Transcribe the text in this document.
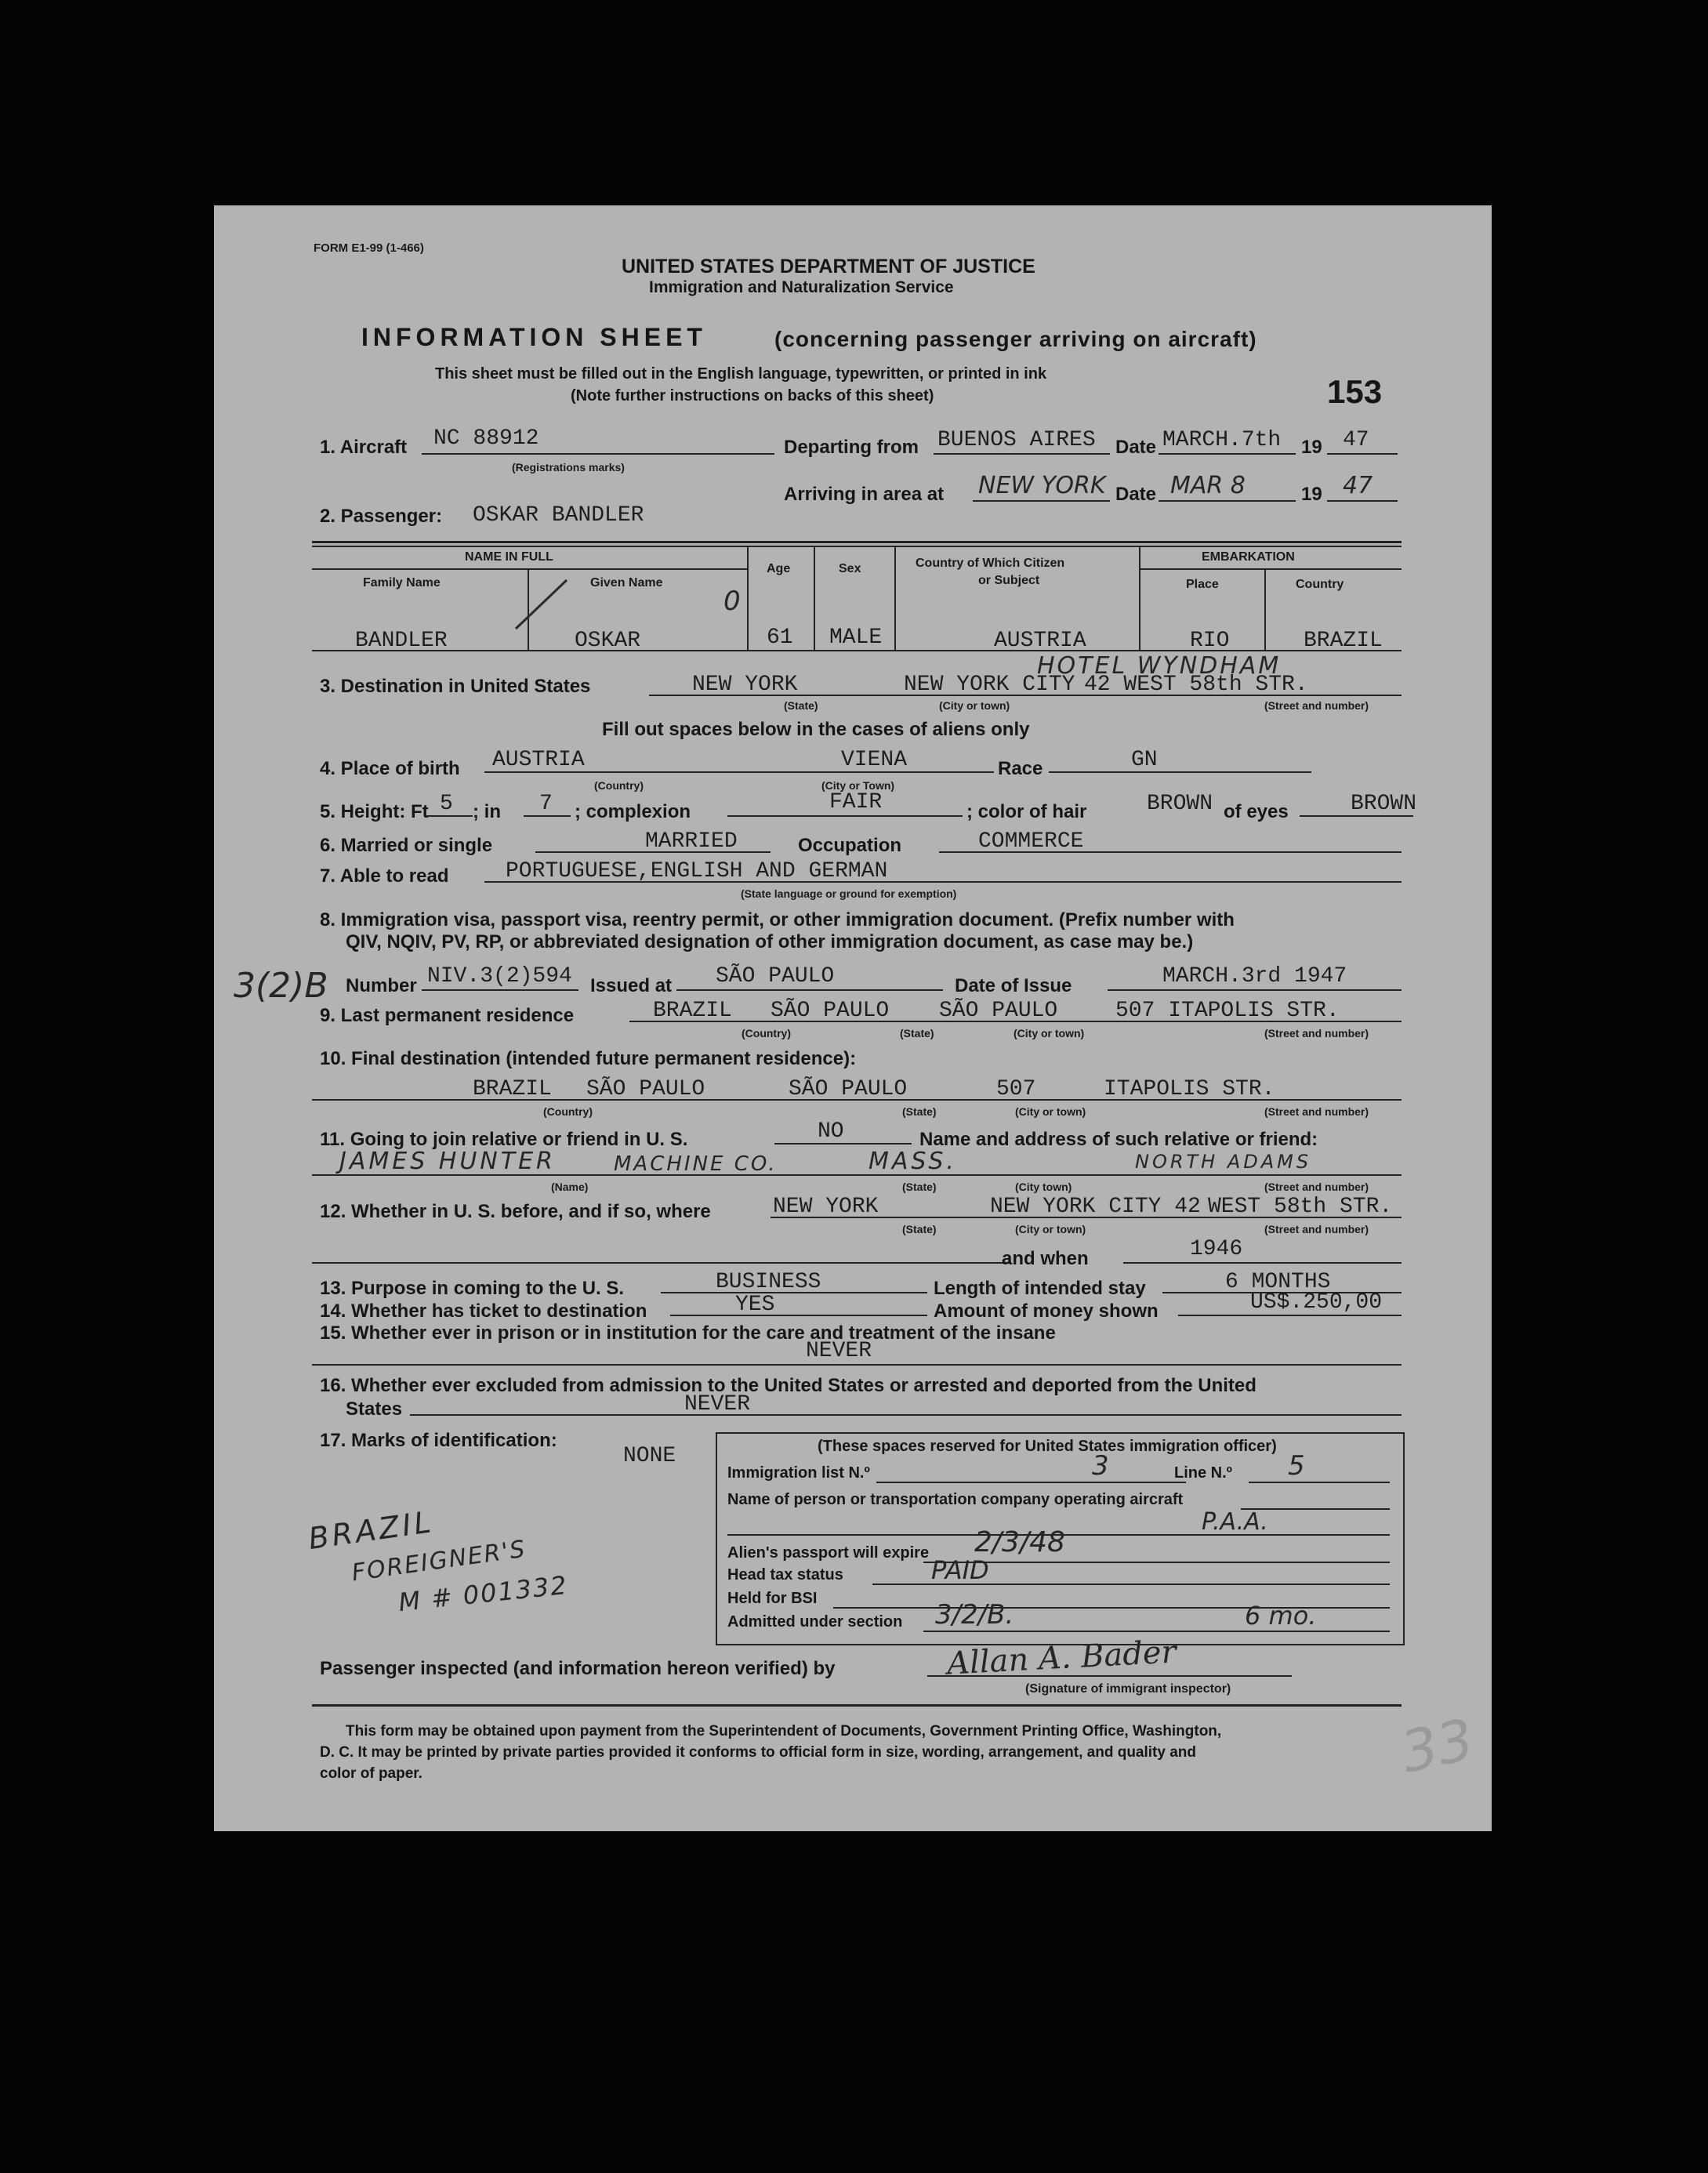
FORM E1-99 (1-466)
UNITED STATES DEPARTMENT OF JUSTICE
Immigration and Naturalization Service
INFORMATION SHEET	(concerning passenger arriving on aircraft)
This sheet must be filled out in the English language, typewritten, or printed in ink
(Note further instructions on backs of this sheet)	153
1. Aircraft NC 88912
(Registrations marks)
Departing from BUENOS AIRES Date MARCH.7th 19 47
Arriving in area at NEW YORK Date MAR 8	19 47
2. Passenger: OSKAR BANDLER
NAME IN FULL
Family Name	Given Name
Age	Sex	Country of Which Citizen
or Subject
EMBARKATION
Place	Country
0
BANDLER	OSKAR	61 MALE	AUSTRIA	RIO	BRAZIL
HOTEL WYNDHAM
3. Destination in United States	NEW YORK	NEW YORK CITY 42 WEST 58th STR.
(State)	(City or town)	(Street and number)
Fill out spaces below in the cases of aliens only
4. Place of birth AUSTRIA	VIENA
(Country)	(City or Town)
Race	GN
5. Height: Ft 5 ; in 7 ; complexion	FAIR	; color of hair	BROWN of eyes	BROWN
6. Married or single	MARRIED	Occupation	COMMERCE
7. Able to read	PORTUGUESE,ENGLISH AND GERMAN
(State language or ground for exemption)
8. Immigration visa, passport visa, reentry permit, or other immigration document. (Prefix number with
QIV, NQIV, PV, RP, or abbreviated designation of other immigration document, as case may be.)
3(2)B Number NIV.3(2)594 Issued at SÃO PAULO	Date of Issue	MARCH.3rd 1947
9. Last permanent residence	BRAZIL SÃO PAULO SÃO PAULO	507 ITAPOLIS STR.
(Country)	(State)	(City or town)	(Street and number)
10. Final destination (intended future permanent residence):
BRAZIL SÃO PAULO	SÃO PAULO	507	ITAPOLIS STR.
(Country)	(State)	(City or town)	(Street and number)
11. Going to join relative or friend in U. S.	NO	Name and address of such relative or friend:
JAMES HUNTER	MACHINE CO.	MASS.	NORTH ADAMS
(Name)	(State)	(City town)	(Street and number)
12. Whether in U. S. before, and if so, where	NEW YORK	NEW YORK CITY 42 WEST 58th STR.
(State)	(City or town)	(Street and number)
and when	1946
13. Purpose in coming to the U. S.	BUSINESS	Length of intended stay	6 MONTHS
14. Whether has ticket to destination	YES	Amount of money shown	US$.250,00
15. Whether ever in prison or in institution for the care and treatment of the insane
NEVER
16. Whether ever excluded from admission to the United States or arrested and deported from the United
States	NEVER
17. Marks of identification:
NONE
BRAZIL
FOREIGNER'S
M # 001332
(These spaces reserved for United States immigration officer)
Immigration list N.º	3	Line N.º 5
Name of person or transportation company operating aircraft
P.A.A.
Alien's passport will expire 2/3/48
Head tax status	PAID
Held for BSI
Admitted under section 3/2/B.	6 mo.
Passenger inspected (and information hereon verified) by	Allan A. Bader
(Signature of immigrant inspector)
This form may be obtained upon payment from the Superintendent of Documents, Government Printing Office, Washington,
D. C. It may be printed by private parties provided it conforms to official form in size, wording, arrangement, and quality and
color of paper.	33
